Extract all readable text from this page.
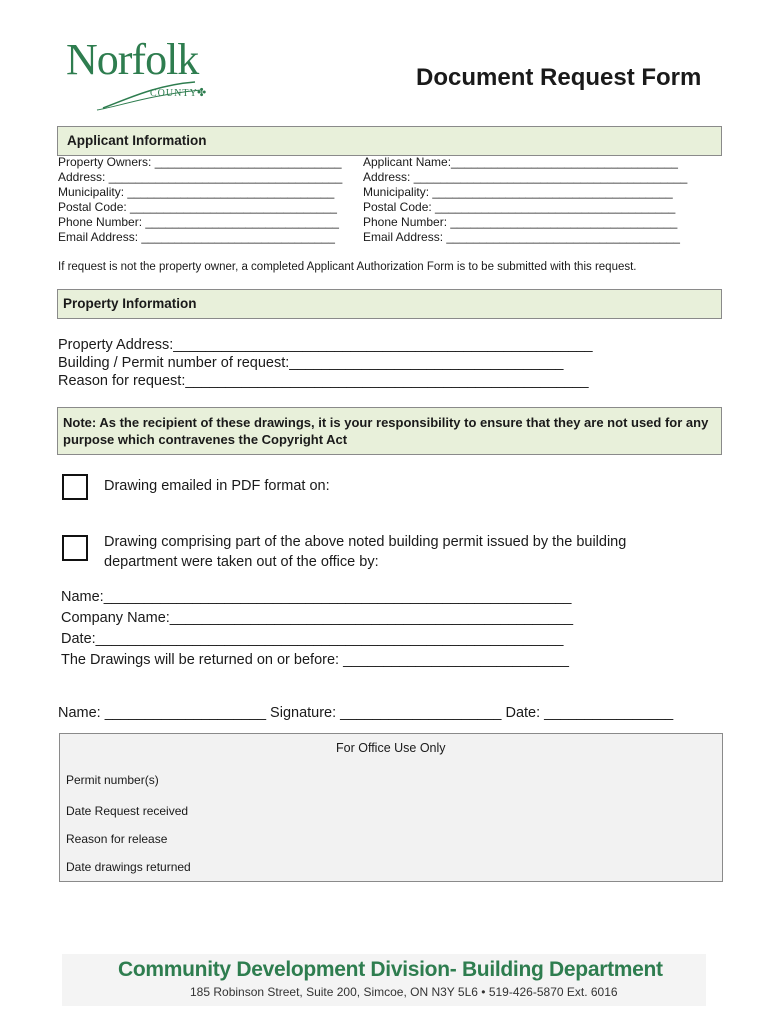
Norfolk
COUNTY ✤
Document Request Form
Applicant Information
Property Owners: ____________________________
Address: ___________________________________
Municipality: _______________________________
Postal Code: _______________________________
Phone Number: _____________________________
Email Address: _____________________________
Applicant Name:__________________________________
Address: _________________________________________
Municipality: ____________________________________
Postal Code: ____________________________________
Phone Number: __________________________________
Email Address: ___________________________________
If request is not the property owner, a completed Applicant Authorization Form is to be submitted with this request.
Property Information
Property Address:____________________________________________________
Building / Permit number of request:__________________________________
Reason for request:__________________________________________________
Note: As the recipient of these drawings, it is your responsibility to ensure that they are not used for any purpose which contravenes the Copyright Act
Drawing emailed in PDF format on:
Drawing comprising part of the above noted building permit issued by the building department were taken out of the office by:
Name:__________________________________________________________
Company Name:__________________________________________________
Date:__________________________________________________________
The Drawings will be returned on or before: ____________________________
Name: ____________________ Signature: ____________________ Date: ________________
For Office Use Only
Permit number(s)
Date Request received
Reason for release
Date drawings returned
Community Development Division- Building Department
185 Robinson Street, Suite 200, Simcoe, ON N3Y 5L6 • 519-426-5870 Ext. 6016
